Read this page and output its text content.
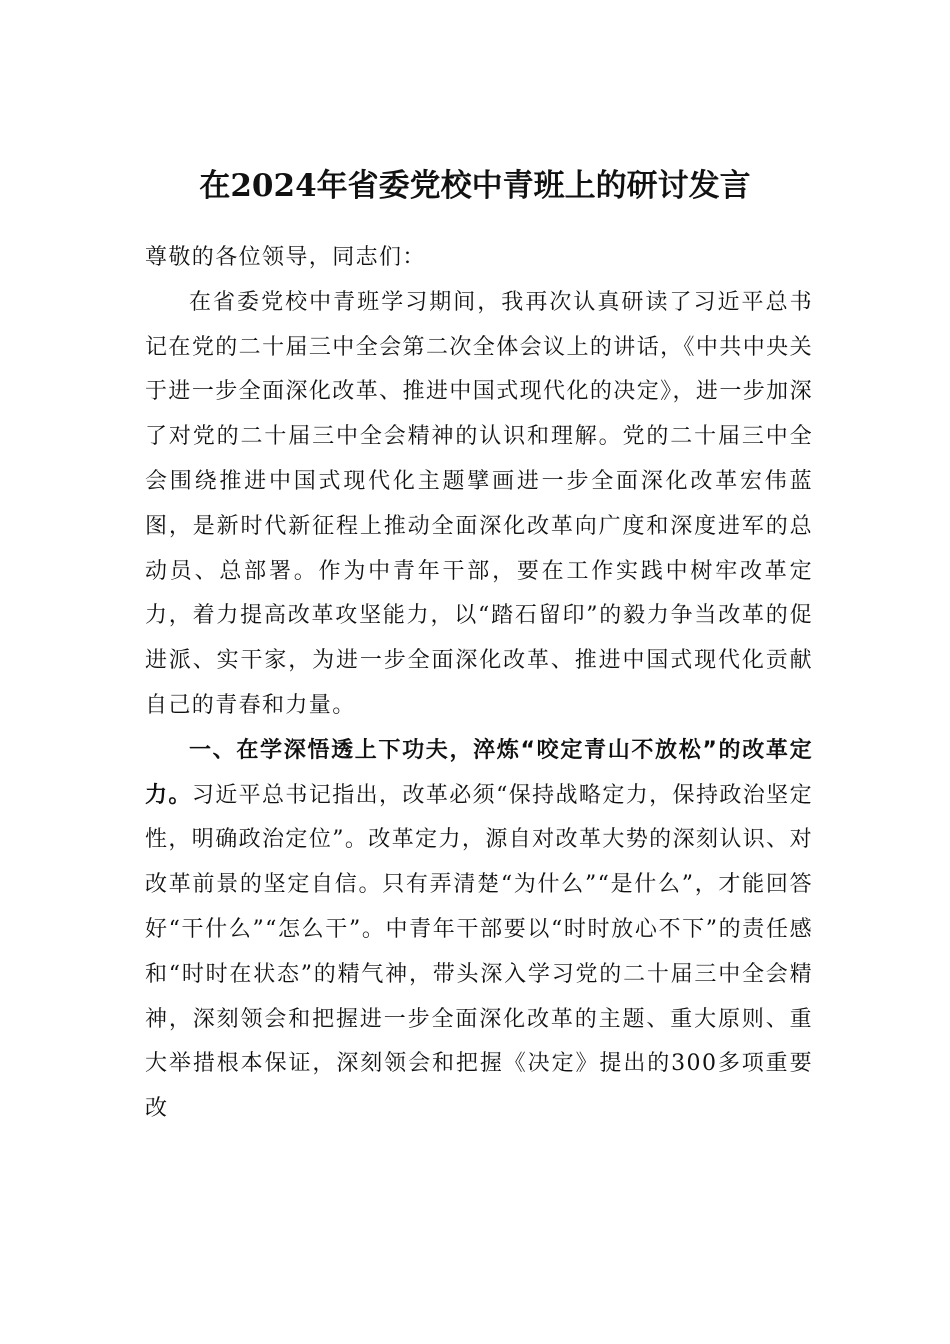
在2024年省委党校中青班上的研讨发言

尊敬的各位领导，同志们：

在省委党校中青班学习期间，我再次认真研读了习近平总书记在党的二十届三中全会第二次全体会议上的讲话，《中共中央关于进一步全面深化改革、推进中国式现代化的决定》，进一步加深了对党的二十届三中全会精神的认识和理解。党的二十届三中全会围绕推进中国式现代化主题擘画进一步全面深化改革宏伟蓝图，是新时代新征程上推动全面深化改革向广度和深度进军的总动员、总部署。作为中青年干部，要在工作实践中树牢改革定力，着力提高改革攻坚能力，以“踏石留印”的毅力争当改革的促进派、实干家，为进一步全面深化改革、推进中国式现代化贡献自己的青春和力量。

一、在学深悟透上下功夫，淬炼“咬定青山不放松”的改革定力。习近平总书记指出，改革必须“保持战略定力，保持政治坚定性，明确政治定位”。改革定力，源自对改革大势的深刻认识、对改革前景的坚定自信。只有弄清楚“为什么”“是什么”，才能回答好“干什么”“怎么干”。中青年干部要以“时时放心不下”的责任感和“时时在状态”的精气神，带头深入学习党的二十届三中全会精神，深刻领会和把握进一步全面深化改革的主题、重大原则、重大举措根本保证，深刻领会和把握《决定》提出的300多项重要改
